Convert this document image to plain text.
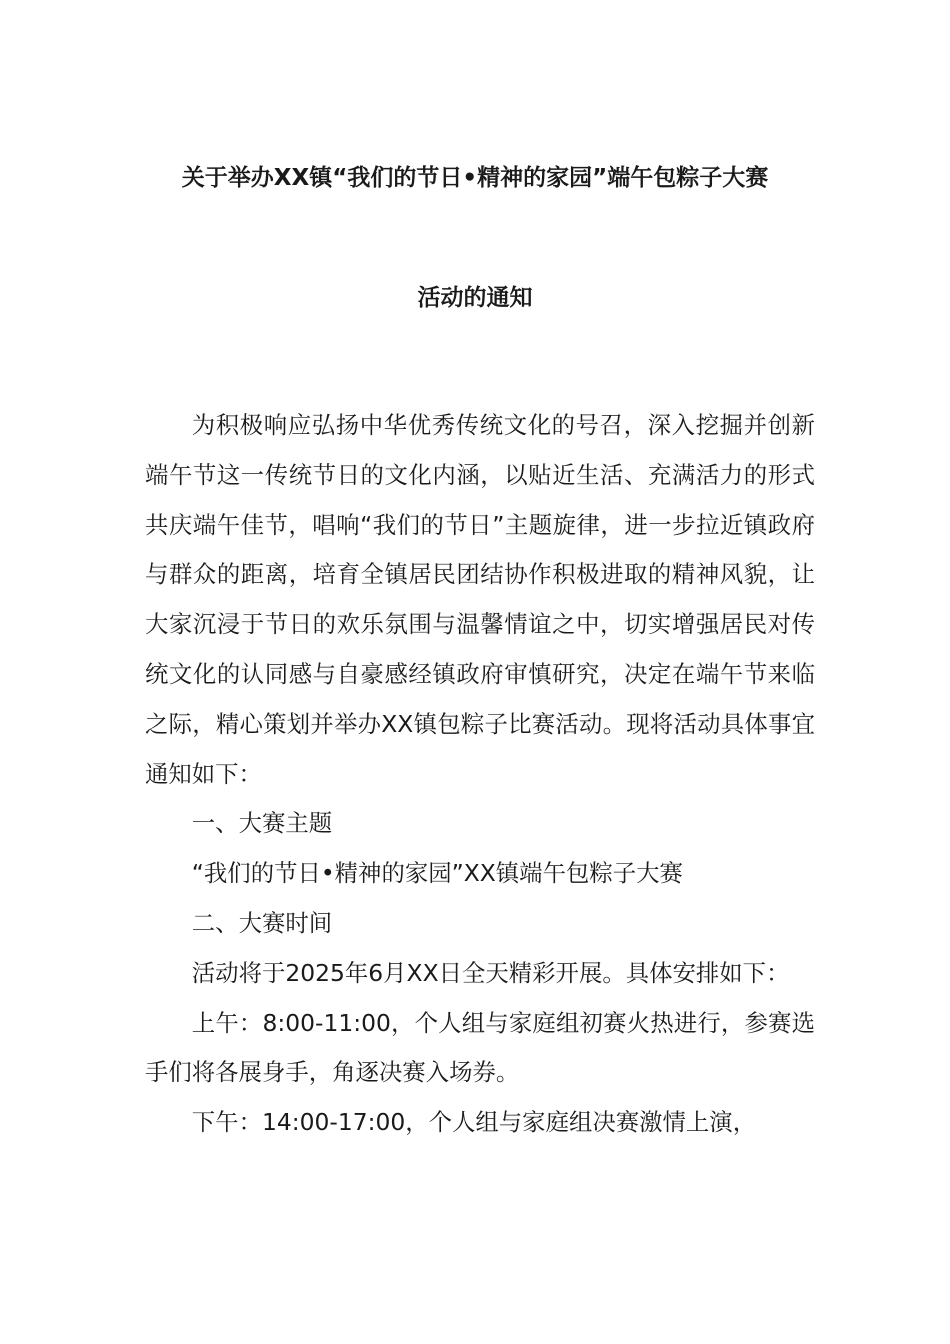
关于举办XX镇“我们的节日•精神的家园”端午包粽子大赛
活动的通知

为积极响应弘扬中华优秀传统文化的号召，深入挖掘并创新端午节这一传统节日的文化内涵，以贴近生活、充满活力的形式共庆端午佳节，唱响“我们的节日”主题旋律，进一步拉近镇政府与群众的距离，培育全镇居民团结协作积极进取的精神风貌，让大家沉浸于节日的欢乐氛围与温馨情谊之中，切实增强居民对传统文化的认同感与自豪感经镇政府审慎研究，决定在端午节来临之际，精心策划并举办XX镇包粽子比赛活动。现将活动具体事宜通知如下：

一、大赛主题

“我们的节日•精神的家园”XX镇端午包粽子大赛

二、大赛时间

活动将于2025年6月XX日全天精彩开展。具体安排如下：

上午：8:00-11:00，个人组与家庭组初赛火热进行，参赛选手们将各展身手，角逐决赛入场券。

下午：14:00-17:00，个人组与家庭组决赛激情上演，
